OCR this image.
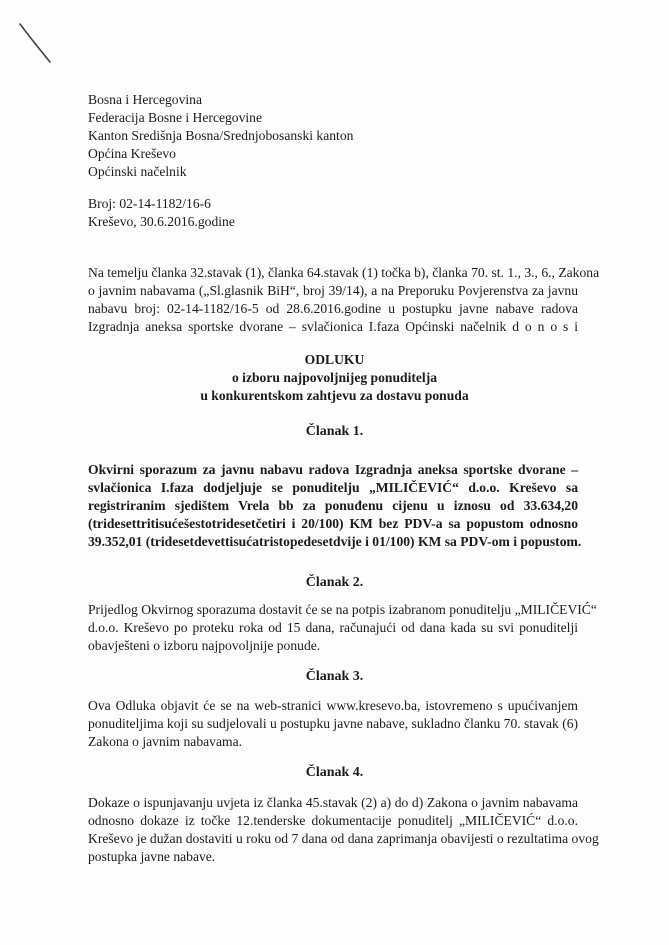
Bosna i Hercegovina
Federacija Bosne i Hercegovine
Kanton Središnja Bosna/Srednjobosanski kanton
Općina Kreševo
Općinski načelnik
Broj: 02-14-1182/16-6
Kreševo, 30.6.2016.godine
Na temelju članka 32.stavak (1), članka 64.stavak (1) točka b), članka 70. st. 1., 3., 6., Zakona
o javnim nabavama („Sl.glasnik BiH“, broj 39/14), a na Preporuku Povjerenstva za javnu
nabavu broj: 02-14-1182/16-5 od 28.6.2016.godine u postupku javne nabave radova
Izgradnja aneksa sportske dvorane – svlačionica I.faza Općinski načelnik d o n o s i
ODLUKU
o izboru najpovoljnijeg ponuditelja
u konkurentskom zahtjevu za dostavu ponuda
Članak 1.
Okvirni sporazum za javnu nabavu radova Izgradnja aneksa sportske dvorane –
svlačionica I.faza dodjeljuje se ponuditelju „MILIČEVIĆ“ d.o.o. Kreševo sa
registriranim sjedištem Vrela bb za ponuđenu cijenu u iznosu od 33.634,20
(tridesettritisućešestotridesetčetiri i 20/100) KM bez PDV-a sa popustom odnosno
39.352,01 (tridesetdevettisućatristopedesetdvije i 01/100) KM sa PDV-om i popustom.
Članak 2.
Prijedlog Okvirnog sporazuma dostavit će se na potpis izabranom ponuditelju „MILIČEVIĆ“
d.o.o. Kreševo po proteku roka od 15 dana, računajući od dana kada su svi ponuditelji
obavješteni o izboru najpovoljnije ponude.
Članak 3.
Ova Odluka objavit će se na web-stranici www.kresevo.ba, istovremeno s upućivanjem
ponuditeljima koji su sudjelovali u postupku javne nabave, sukladno članku 70. stavak (6)
Zakona o javnim nabavama.
Članak 4.
Dokaze o ispunjavanju uvjeta iz članka 45.stavak (2) a) do d) Zakona o javnim nabavama
odnosno dokaze iz točke 12.tenderske dokumentacije ponuditelj „MILIČEVIĆ“ d.o.o.
Kreševo je dužan dostaviti u roku od 7 dana od dana zaprimanja obavijesti o rezultatima ovog
postupka javne nabave.
